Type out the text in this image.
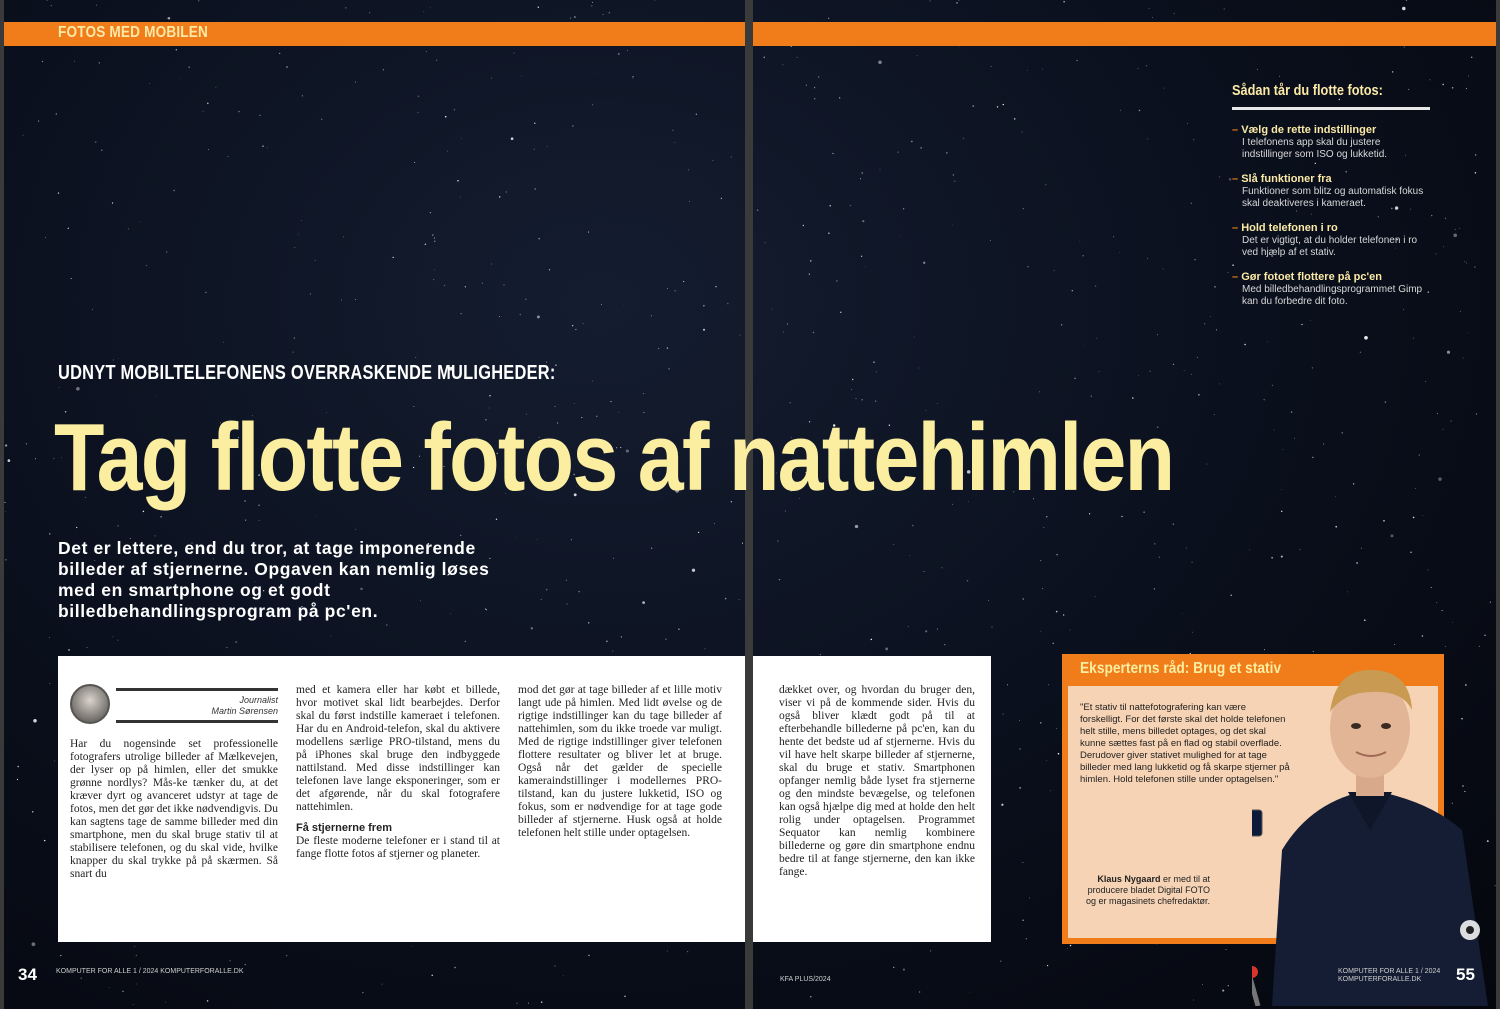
FOTOS MED MOBILEN
UDNYT MOBILTELEFONENS OVERRASKENDE MULIGHEDER:
Tag flotte fotos af nattehimlen
Det er lettere, end du tror, at tage imponerende billeder af stjernerne. Opgaven kan nemlig løses med en smartphone og et godt billedbehandlingsprogram på pc'en.
Sådan tår du flotte fotos:
– Vælg de rette indstillinger
I telefonens app skal du justere indstillinger som ISO og lukketid.
– Slå funktioner fra
Funktioner som blitz og automatisk fokus skal deaktiveres i kameraet.
– Hold telefonen i ro
Det er vigtigt, at du holder telefonen i ro ved hjælp af et stativ.
– Gør fotoet flottere på pc'en
Med billedbehandlingsprogrammet Gimp kan du forbedre dit foto.
Journalist
Martin Sørensen
Har du nogensinde set professionelle fotografers utrolige billeder af Mælkevejen, der lyser op på himlen, eller det smukke grønne nordlys? Mås-ke tænker du, at det kræver dyrt og avanceret udstyr at tage de fotos, men det gør det ikke nødvendigvis. Du kan sagtens tage de samme billeder med din smartphone, men du skal bruge stativ til at stabilisere telefonen, og du skal vide, hvilke knapper du skal trykke på på skærmen. Så snart du
med et kamera eller har købt et billede, hvor motivet skal lidt bearbejdes. Derfor skal du først indstille kameraet i telefonen. Har du en Android-telefon, skal du aktivere modellens særlige PRO-tilstand, mens du på iPhones skal bruge den indbyggede nattilstand. Med disse indstillinger kan telefonen lave lange eksponeringer, som er det afgørende, når du skal fotografere nattehimlen.
Få stjernerne frem
De fleste moderne telefoner er i stand til at fange flotte fotos af stjerner og planeter.
mod det gør at tage billeder af et lille motiv langt ude på himlen. Med lidt øvelse og de rigtige indstillinger kan du tage billeder af nattehimlen, som du ikke troede var muligt. Med de rigtige indstillinger giver telefonen flottere resultater og bliver let at bruge. Også når det gælder de specielle kameraindstillinger i modellernes PRO-tilstand, kan du justere lukketid, ISO og fokus, som er nødvendige for at tage gode billeder af stjernerne. Husk også at holde telefonen helt stille under optagelsen.
dækket over, og hvordan du bruger den, viser vi på de kommende sider. Hvis du også bliver klædt godt på til at efterbehandle billederne på pc'en, kan du hente det bedste ud af stjernerne. Hvis du vil have helt skarpe billeder af stjernerne, skal du bruge et stativ. Smartphonen opfanger nemlig både lyset fra stjernerne og den mindste bevægelse, og telefonen kan også hjælpe dig med at holde den helt rolig under optagelsen. Programmet Sequator kan nemlig kombinere billederne og gøre din smartphone endnu bedre til at fange stjernerne, den kan ikke fange.
Eksperterns råd: Brug et stativ
"Et stativ til nattefotografering kan være forskelligt. For det første skal det holde telefonen helt stille, mens billedet optages, og det skal kunne sættes fast på en flad og stabil overflade. Derudover giver stativet mulighed for at tage billeder med lang lukketid og få skarpe stjerner på himlen. Hold telefonen stille under optagelsen."
Klaus Nygaard er med til at producere bladet Digital FOTO og er magasinets chefredaktør.
34	55
KOMPUTER FOR ALLE 1 / 2024 KOMPUTERFORALLE.DK
KFA PLUS/2024
KOMPUTER FOR ALLE 1 / 2024 KOMPUTERFORALLE.DK
